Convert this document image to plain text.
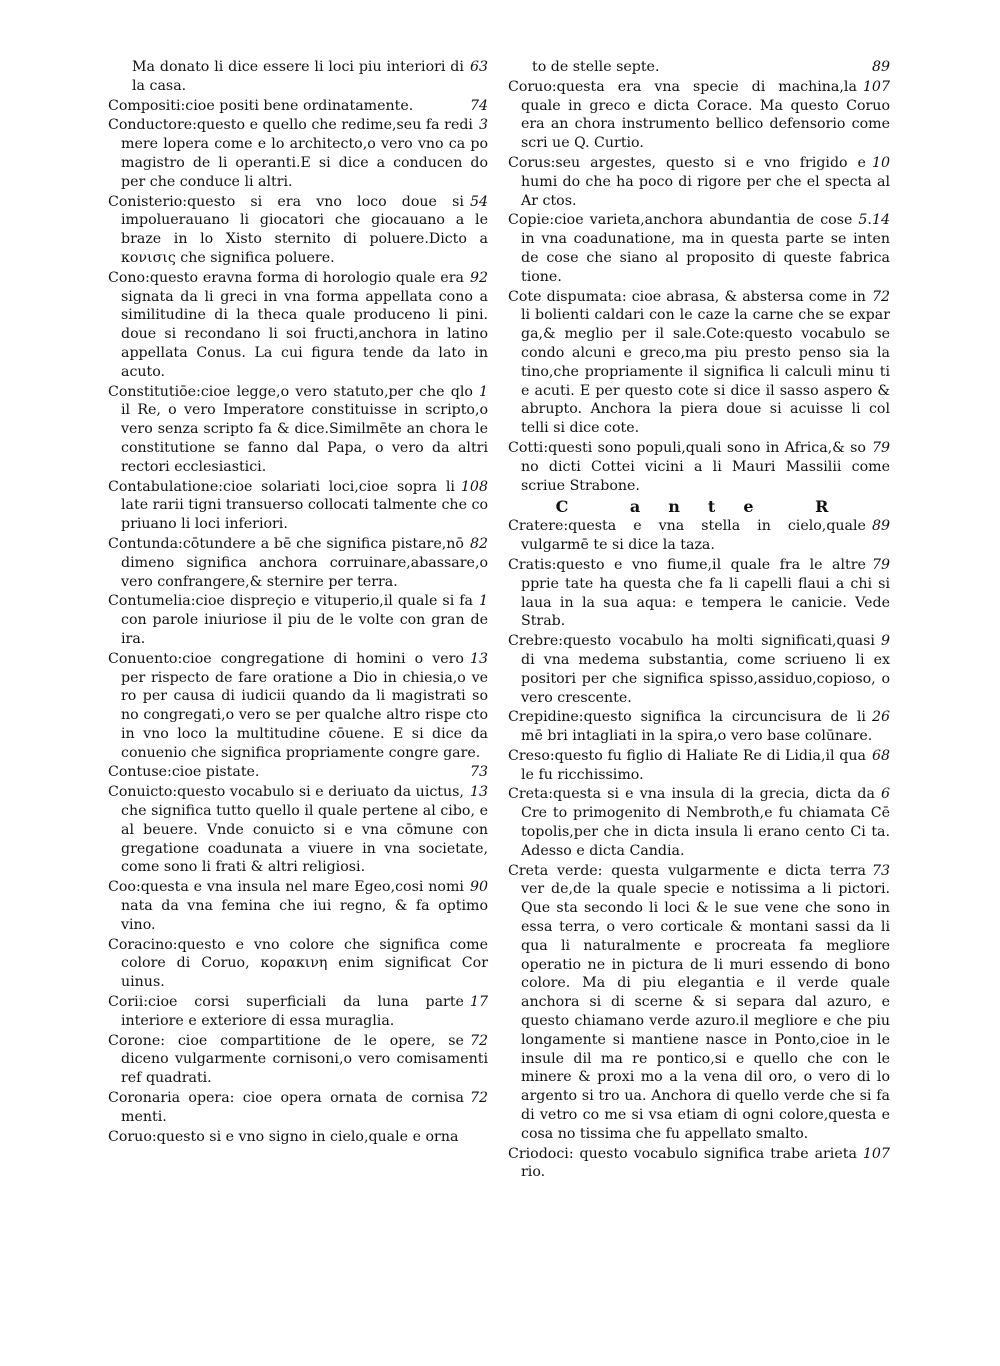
63
Ma donato li dice essere li loci piu interiori di la casa.
74
Compositi:cioe positi bene ordinatamente.
3
Conductore:questo e quello che redime,seu fa redi mere lopera come e lo architecto,o vero vno ca po magistro de li operanti.E si dice a conducen do per che conduce li altri.
54
Conisterio:questo si era vno loco doue si impoluerauano li giocatori che giocauano a le braze in lo Xisto sternito di poluere.Dicto a κονισις che significa poluere.
92
Cono:questo eravna forma di horologio quale era signata da li greci in vna forma appellata cono a similitudine di la theca quale produceno li pini. doue si recondano li soi fructi,anchora in latino appellata Conus. La cui figura tende da lato in acuto.
1
Constitutiōe:cioe legge,o vero statuto,per che qlo il Re, o vero Imperatore constituisse in scripto,o vero senza scripto fa & dice.Similmēte an chora le constitutione se fanno dal Papa, o vero da altri rectori ecclesiastici.
108
Contabulatione:cioe solariati loci,cioe sopra li late rarii tigni transuerso collocati talmente che co priuano li loci inferiori.
82
Contunda:cōtundere a bē che significa pistare,nō dimeno significa anchora corruinare,abassare,o vero confrangere,& sternire per terra.
1
Contumelia:cioe dispreçio e vituperio,il quale si fa con parole iniuriose il piu de le volte con gran de ira.
13
Conuento:cioe congregatione di homini o vero per rispecto de fare oratione a Dio in chiesia,o ve ro per causa di iudicii quando da li magistrati so no congregati,o vero se per qualche altro rispe cto in vno loco la multitudine cōuene. E si dice da conuenio che significa propriamente congre gare.
73
Contuse:cioe pistate.
13
Conuicto:questo vocabulo si e deriuato da uictus, che significa tutto quello il quale pertene al cibo, e al beuere. Vnde conuicto si e vna cōmune con gregatione coadunata a viuere in vna societate, come sono li frati & altri religiosi.
90
Coo:questa e vna insula nel mare Egeo,cosi nomi nata da vna femina che iui regno, & fa optimo vino.
Coracino:questo e vno colore che significa come colore di Coruo, κορακινη enim significat Cor uinus.
17
Corii:cioe corsi superficiali da luna parte interiore e exteriore di essa muraglia.
72
Corone: cioe compartitione de le opere, se diceno vulgarmente cornisoni,o vero comisamenti ref quadrati.
72
Coronaria opera: cioe opera ornata de cornisa menti.
Coruo:questo si e vno signo in cielo,quale e orna
89
to de stelle septe.
107
Coruo:questa era vna specie di machina,la quale in greco e dicta Corace. Ma questo Coruo era an chora instrumento bellico defensorio come scri ue Q. Curtio.
10
Corus:seu argestes, questo si e vno frigido e humi do che ha poco di rigore per che el specta al Ar ctos.
5.14
Copie:cioe varieta,anchora abundantia de cose in vna coadunatione, ma in questa parte se inten de cose che siano al proposito di queste fabrica tione.
72
Cote dispumata: cioe abrasa, & abstersa come in li bolienti caldari con le caze la carne che se expar ga,& meglio per il sale.Cote:questo vocabulo se condo alcuni e greco,ma piu presto penso sia la tino,che propriamente il significa li calculi minu ti e acuti. E per questo cote si dice il sasso aspero & abrupto. Anchora la piera doue si acuisse li col telli si dice cote.
79
Cotti:questi sono populi,quali sono in Africa,& so no dicti Cottei vicini a li Mauri Massilii come scriue Strabone.
C ante R
89
Cratere:questa e vna stella in cielo,quale vulgarmē te si dice la taza.
79
Cratis:questo e vno fiume,il quale fra le altre pprie tate ha questa che fa li capelli flaui a chi si laua in la sua aqua: e tempera le canicie. Vede Strab.
9
Crebre:questo vocabulo ha molti significati,quasi di vna medema substantia, come scriueno li ex positori per che significa spisso,assiduo,copioso, o vero crescente.
26
Crepidine:questo significa la circuncisura de li mē bri intagliati in la spira,o vero base colūnare.
68
Creso:questo fu figlio di Haliate Re di Lidia,il qua le fu ricchissimo.
6
Creta:questa si e vna insula di la grecia, dicta da Cre to primogenito di Nembroth,e fu chiamata Cē topolis,per che in dicta insula li erano cento Ci ta. Adesso e dicta Candia.
73
Creta verde: questa vulgarmente e dicta terra ver de,de la quale specie e notissima a li pictori. Que sta secondo li loci & le sue vene che sono in essa terra, o vero corticale & montani sassi da li qua li naturalmente e procreata fa megliore operatio ne in pictura de li muri essendo di bono colore. Ma di piu elegantia e il verde quale anchora si di scerne & si separa dal azuro, e questo chiamano verde azuro.il megliore e che piu longamente si mantiene nasce in Ponto,cioe in le insule dil ma re pontico,si e quello che con le minere & proxi mo a la vena dil oro, o vero di lo argento si tro ua. Anchora di quello verde che si fa di vetro co me si vsa etiam di ogni colore,questa e cosa no tissima che fu appellato smalto.
107
Criodoci: questo vocabulo significa trabe arieta rio.
